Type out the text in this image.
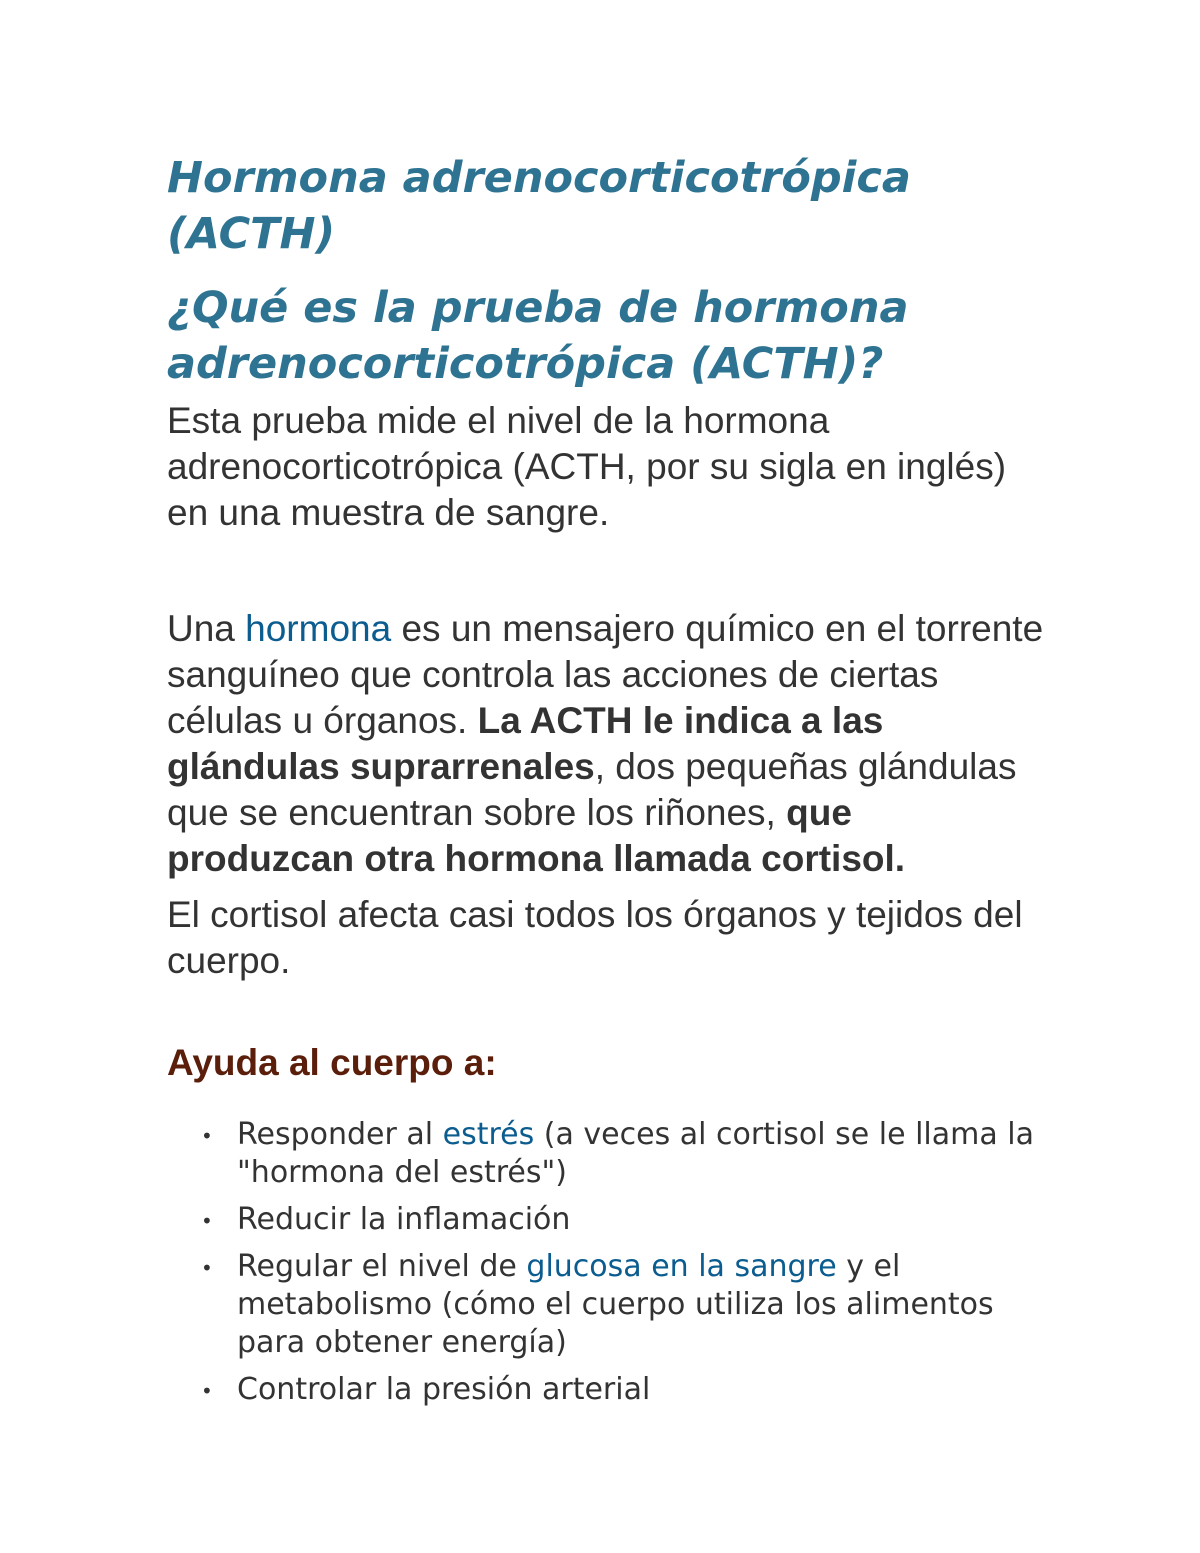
Hormona adrenocorticotrópica
(ACTH)
¿Qué es la prueba de hormona
adrenocorticotrópica (ACTH)?

Esta prueba mide el nivel de la hormona adrenocorticotrópica (ACTH, por su sigla en inglés) en una muestra de sangre.

Una hormona es un mensajero químico en el torrente sanguíneo que controla las acciones de ciertas células u órganos. La ACTH le indica a las glándulas suprarrenales, dos pequeñas glándulas que se encuentran sobre los riñones, que produzcan otra hormona llamada cortisol.

El cortisol afecta casi todos los órganos y tejidos del cuerpo.

Ayuda al cuerpo a:
• Responder al estrés (a veces al cortisol se le llama la "hormona del estrés")
• Reducir la inflamación
• Regular el nivel de glucosa en la sangre y el metabolismo (cómo el cuerpo utiliza los alimentos para obtener energía)
• Controlar la presión arterial
